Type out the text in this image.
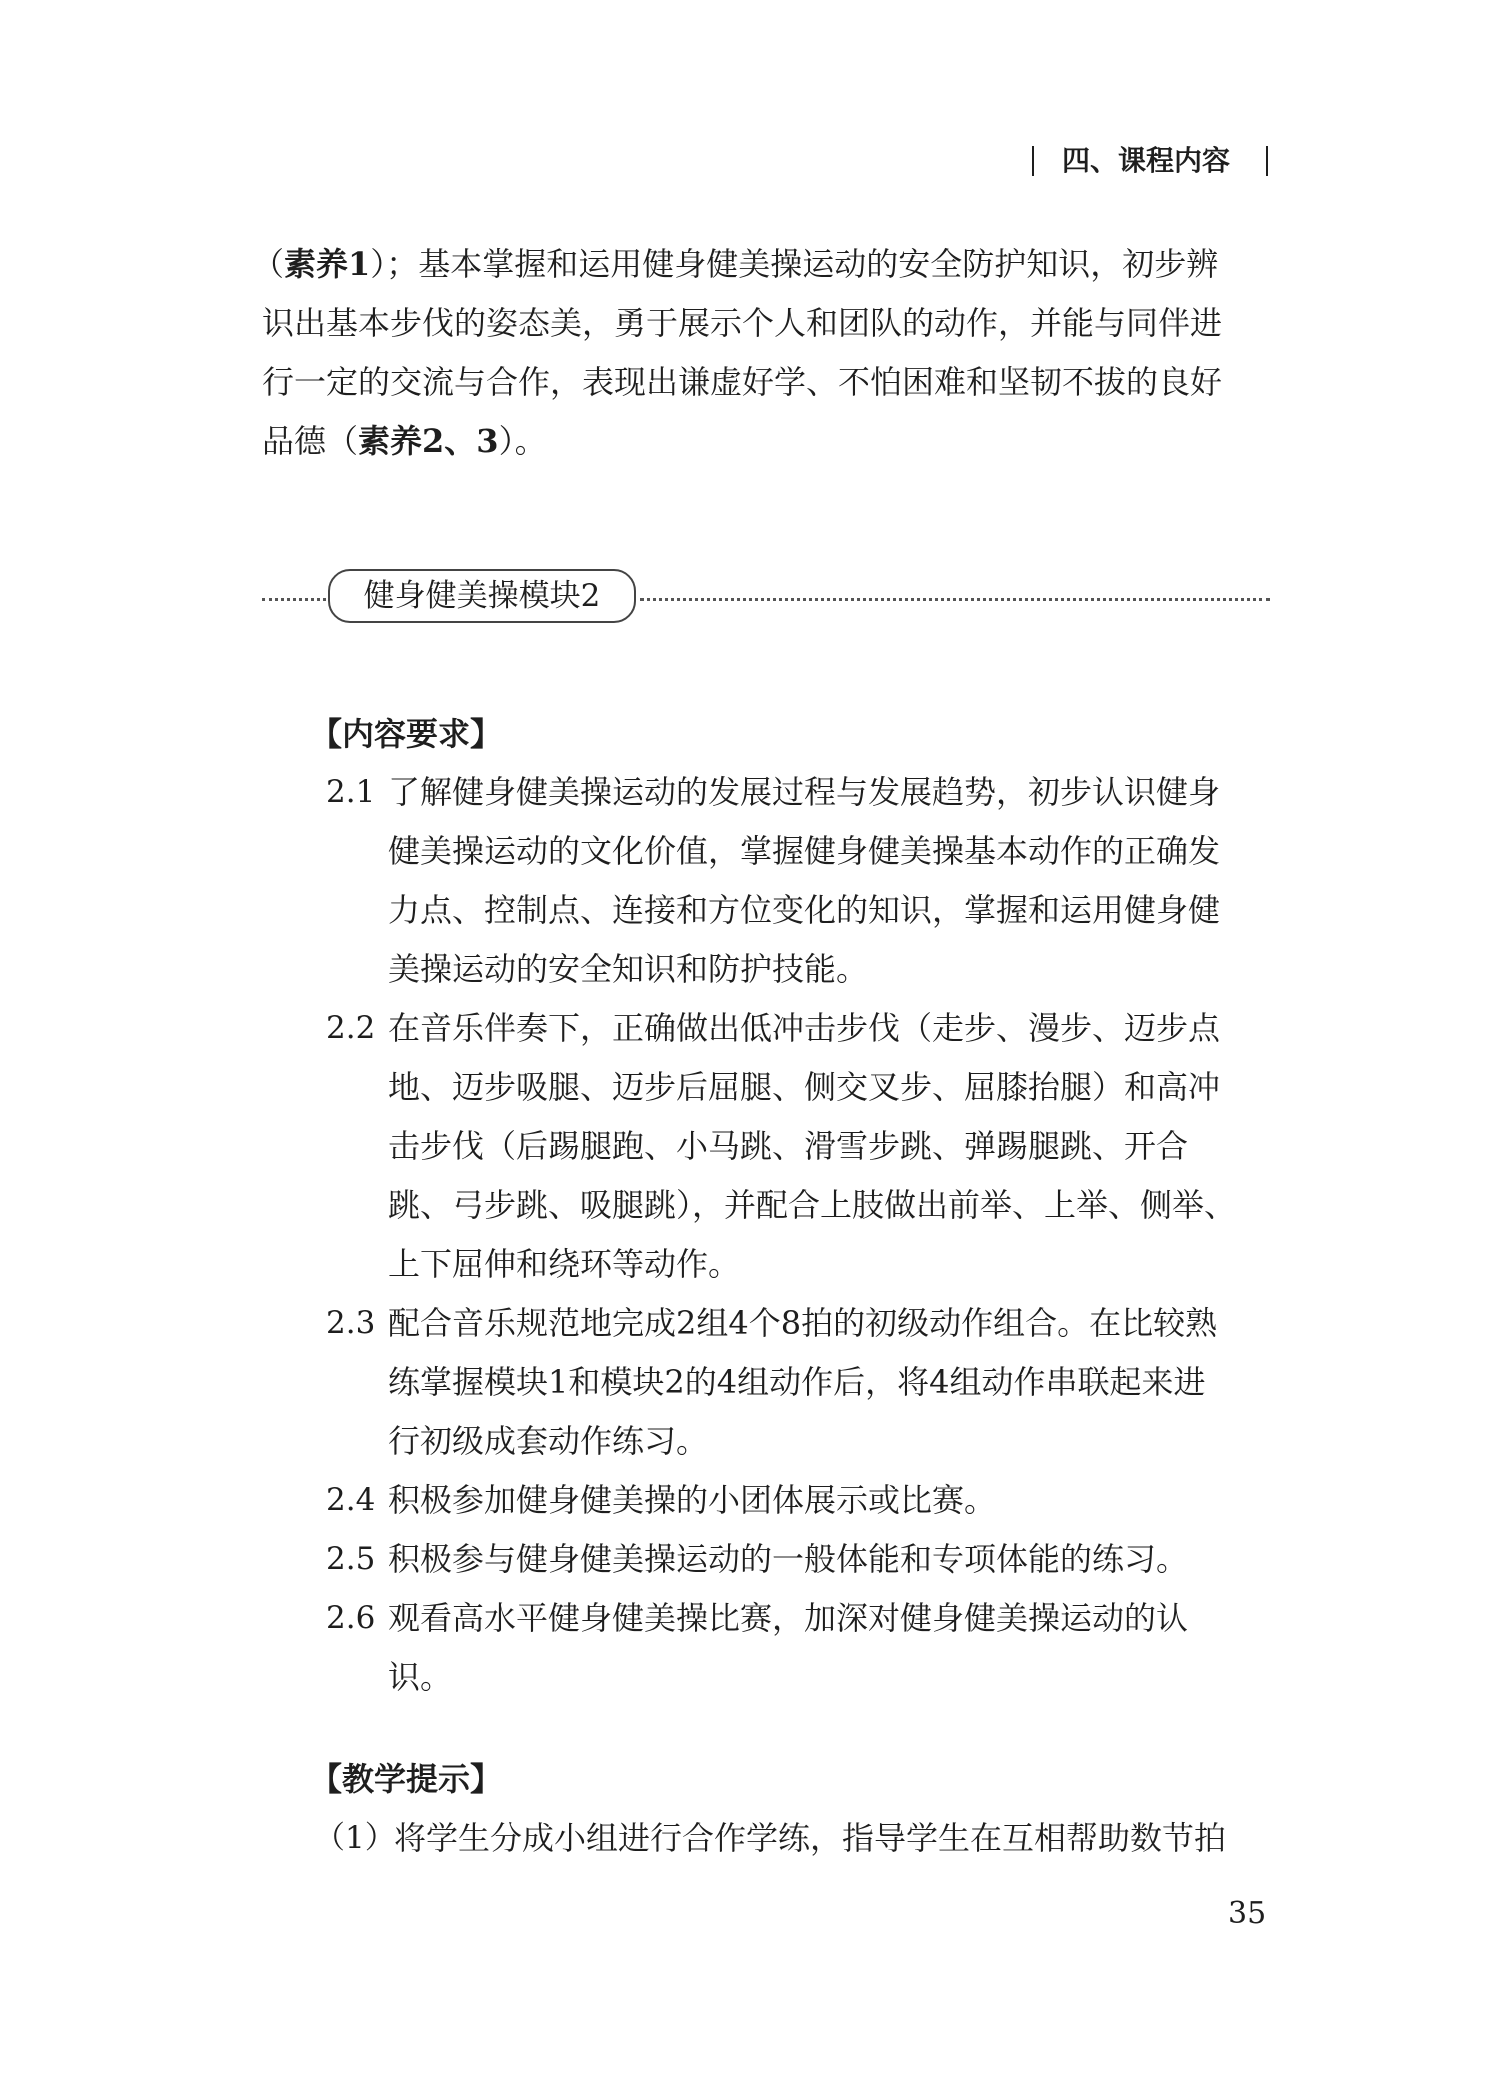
四、课程内容
（素养1）；基本掌握和运用健身健美操运动的安全防护知识，初步辨
识出基本步伐的姿态美，勇于展示个人和团队的动作，并能与同伴进
行一定的交流与合作，表现出谦虚好学、不怕困难和坚韧不拔的良好
品德（素养2、3）。
健身健美操模块2
【内容要求】
2.1 了解健身健美操运动的发展过程与发展趋势，初步认识健身
健美操运动的文化价值，掌握健身健美操基本动作的正确发
力点、控制点、连接和方位变化的知识，掌握和运用健身健
美操运动的安全知识和防护技能。
2.2 在音乐伴奏下，正确做出低冲击步伐（走步、漫步、迈步点
地、迈步吸腿、迈步后屈腿、侧交叉步、屈膝抬腿）和高冲
击步伐（后踢腿跑、小马跳、滑雪步跳、弹踢腿跳、开合
跳、弓步跳、吸腿跳），并配合上肢做出前举、上举、侧举、
上下屈伸和绕环等动作。
2.3 配合音乐规范地完成2组4个8拍的初级动作组合。在比较熟
练掌握模块1和模块2的4组动作后，将4组动作串联起来进
行初级成套动作练习。
2.4 积极参加健身健美操的小团体展示或比赛。
2.5 积极参与健身健美操运动的一般体能和专项体能的练习。
2.6 观看高水平健身健美操比赛，加深对健身健美操运动的认
识。
【教学提示】
（1）
将学生分成小组进行合作学练，指导学生在互相帮助数节拍
35
